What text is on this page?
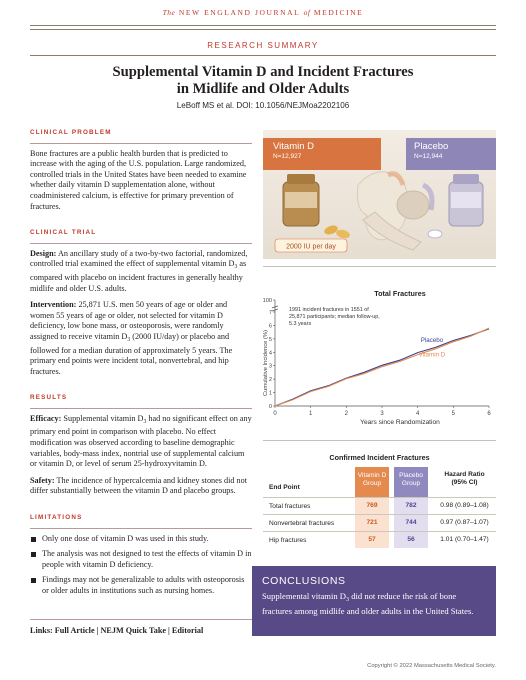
The NEW ENGLAND JOURNAL of MEDICINE
RESEARCH SUMMARY
Supplemental Vitamin D and Incident Fractures
in Midlife and Older Adults
LeBoff MS et al. DOI: 10.1056/NEJMoa2202106
CLINICAL PROBLEM
Bone fractures are a public health burden that is predicted to increase with the aging of the U.S. population. Large randomized, controlled trials in the United States have been needed to examine whether daily vitamin D supplementation alone, without coadministered calcium, is effective for primary prevention of fractures.
CLINICAL TRIAL
Design: An ancillary study of a two-by-two factorial, randomized, controlled trial examined the effect of supplemental vitamin $D_3$ as compared with placebo on incident fractures in generally healthy midlife and older U.S. adults.
Intervention: 25,871 U.S. men 50 years of age or older and women 55 years of age or older, not selected for vitamin D deficiency, low bone mass, or osteoporosis, were randomly assigned to receive vitamin $D_3$ (2000 IU/day) or placebo and followed for a median duration of approximately 5 years. The primary end points were incident total, nonvertebral, and hip fractures.
RESULTS
Efficacy: Supplemental vitamin $D_3$ had no significant effect on any primary end point in comparison with placebo. No effect modification was observed according to baseline demographic variables, body-mass index, nontrial use of supplemental calcium or vitamin D, or level of serum 25-hydroxyvitamin D.
Safety: The incidence of hypercalcemia and kidney stones did not differ substantially between the vitamin D and placebo groups.
LIMITATIONS
Only one dose of vitamin D was used in this study.
The analysis was not designed to test the effects of vitamin D in people with vitamin D deficiency.
Findings may not be generalizable to adults with osteoporosis or older adults in institutions such as nursing homes.
Links: Full Article | NEJM Quick Take | Editorial
2000 IU per day
Vitamin D
N=12,927
Placebo
N=12,944
Total Fractures
100
0
1
2
3
4
5
6
7
0	1	2	3	4	5	6
Placebo
Vitamin D
Cumulative Incidence (%)
Years since Randomization
1991 incident fractures in 1551 of 25,871 participants; median follow-up, 5.3 years
Confirmed Incident Fractures
End Point
Vitamin D
Group
Placebo
Group
Hazard Ratio
(95% CI)
Total fractures	769	782	0.98 (0.89–1.08)
Nonvertebral fractures	721	744	0.97 (0.87–1.07)
Hip fractures	57	56	1.01 (0.70–1.47)
CONCLUSIONS
Supplemental vitamin $D_3$ did not reduce the risk of bone fractures among midlife and older adults in the United States.
Copyright © 2022 Massachusetts Medical Society.
